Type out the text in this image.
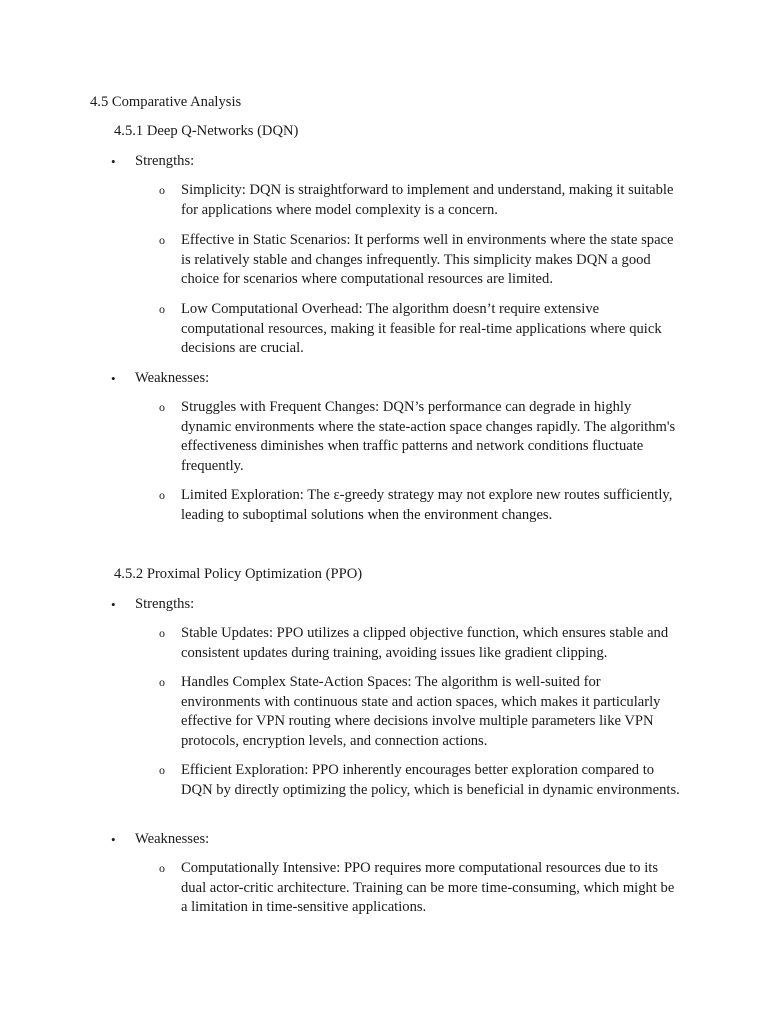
4.5 Comparative Analysis
4.5.1 Deep Q-Networks (DQN)
• Strengths:
o Simplicity: DQN is straightforward to implement and understand, making it suitable for applications where model complexity is a concern.
o Effective in Static Scenarios: It performs well in environments where the state space is relatively stable and changes infrequently. This simplicity makes DQN a good choice for scenarios where computational resources are limited.
o Low Computational Overhead: The algorithm doesn’t require extensive computational resources, making it feasible for real-time applications where quick decisions are crucial.
• Weaknesses:
o Struggles with Frequent Changes: DQN’s performance can degrade in highly dynamic environments where the state-action space changes rapidly. The algorithm's effectiveness diminishes when traffic patterns and network conditions fluctuate frequently.
o Limited Exploration: The ε-greedy strategy may not explore new routes sufficiently, leading to suboptimal solutions when the environment changes.
4.5.2 Proximal Policy Optimization (PPO)
• Strengths:
o Stable Updates: PPO utilizes a clipped objective function, which ensures stable and consistent updates during training, avoiding issues like gradient clipping.
o Handles Complex State-Action Spaces: The algorithm is well-suited for environments with continuous state and action spaces, which makes it particularly effective for VPN routing where decisions involve multiple parameters like VPN protocols, encryption levels, and connection actions.
o Efficient Exploration: PPO inherently encourages better exploration compared to DQN by directly optimizing the policy, which is beneficial in dynamic environments.
• Weaknesses:
o Computationally Intensive: PPO requires more computational resources due to its dual actor-critic architecture. Training can be more time-consuming, which might be a limitation in time-sensitive applications.
